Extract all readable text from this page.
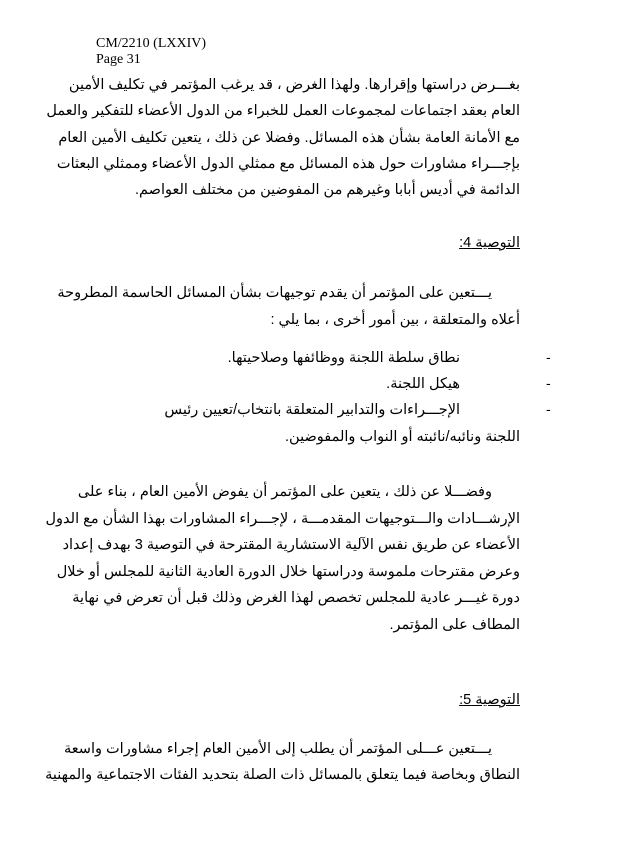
CM/2210 (LXXIV)
Page 31
بغـــرض دراستها وإقرارها. ولهذا الغرض ، قد يرغب المؤتمر في تكليف الأمين
العام بعقد اجتماعات لمجموعات العمل للخبراء من الدول الأعضاء للتفكير والعمل
مع الأمانة العامة بشأن هذه المسائل. وفضلا عن ذلك ، يتعين تكليف الأمين العام
بإجـــراء مشاورات حول هذه المسائل مع ممثلي الدول الأعضاء وممثلي البعثات
الدائمة في أديس أبابا وغيرهم من المفوضين من مختلف العواصم.
التوصية 4:
يـــتعين على المؤتمر أن يقدم توجيهات بشأن المسائل الحاسمة المطروحة
أعلاه والمتعلقة ، بين أمور أخرى ، بما يلي :
-
نطاق سلطة اللجنة ووظائفها وصلاحيتها.
-
هيكل اللجنة.
-
الإجـــراءات والتدابير المتعلقة بانتخاب/تعيين رئيس
اللجنة ونائبه/نائبته أو النواب والمفوضين.
وفضـــلا عن ذلك ، يتعين على المؤتمر أن يفوض الأمين العام ، بناء على
الإرشـــادات والـــتوجيهات المقدمـــة ، لإجـــراء المشاورات بهذا الشأن مع الدول
الأعضاء عن طريق نفس الآلية الاستشارية المقترحة في التوصية 3 بهدف إعداد
وعرض مقترحات ملموسة ودراستها خلال الدورة العادية الثانية للمجلس أو خلال
دورة غيـــر عادية للمجلس تخصص لهذا الغرض وذلك قبل أن تعرض في نهاية
المطاف على المؤتمر.
التوصية 5:
يـــتعين عـــلى المؤتمر أن يطلب إلى الأمين العام إجراء مشاورات واسعة
النطاق وبخاصة فيما يتعلق بالمسائل ذات الصلة بتحديد الفئات الاجتماعية والمهنية
